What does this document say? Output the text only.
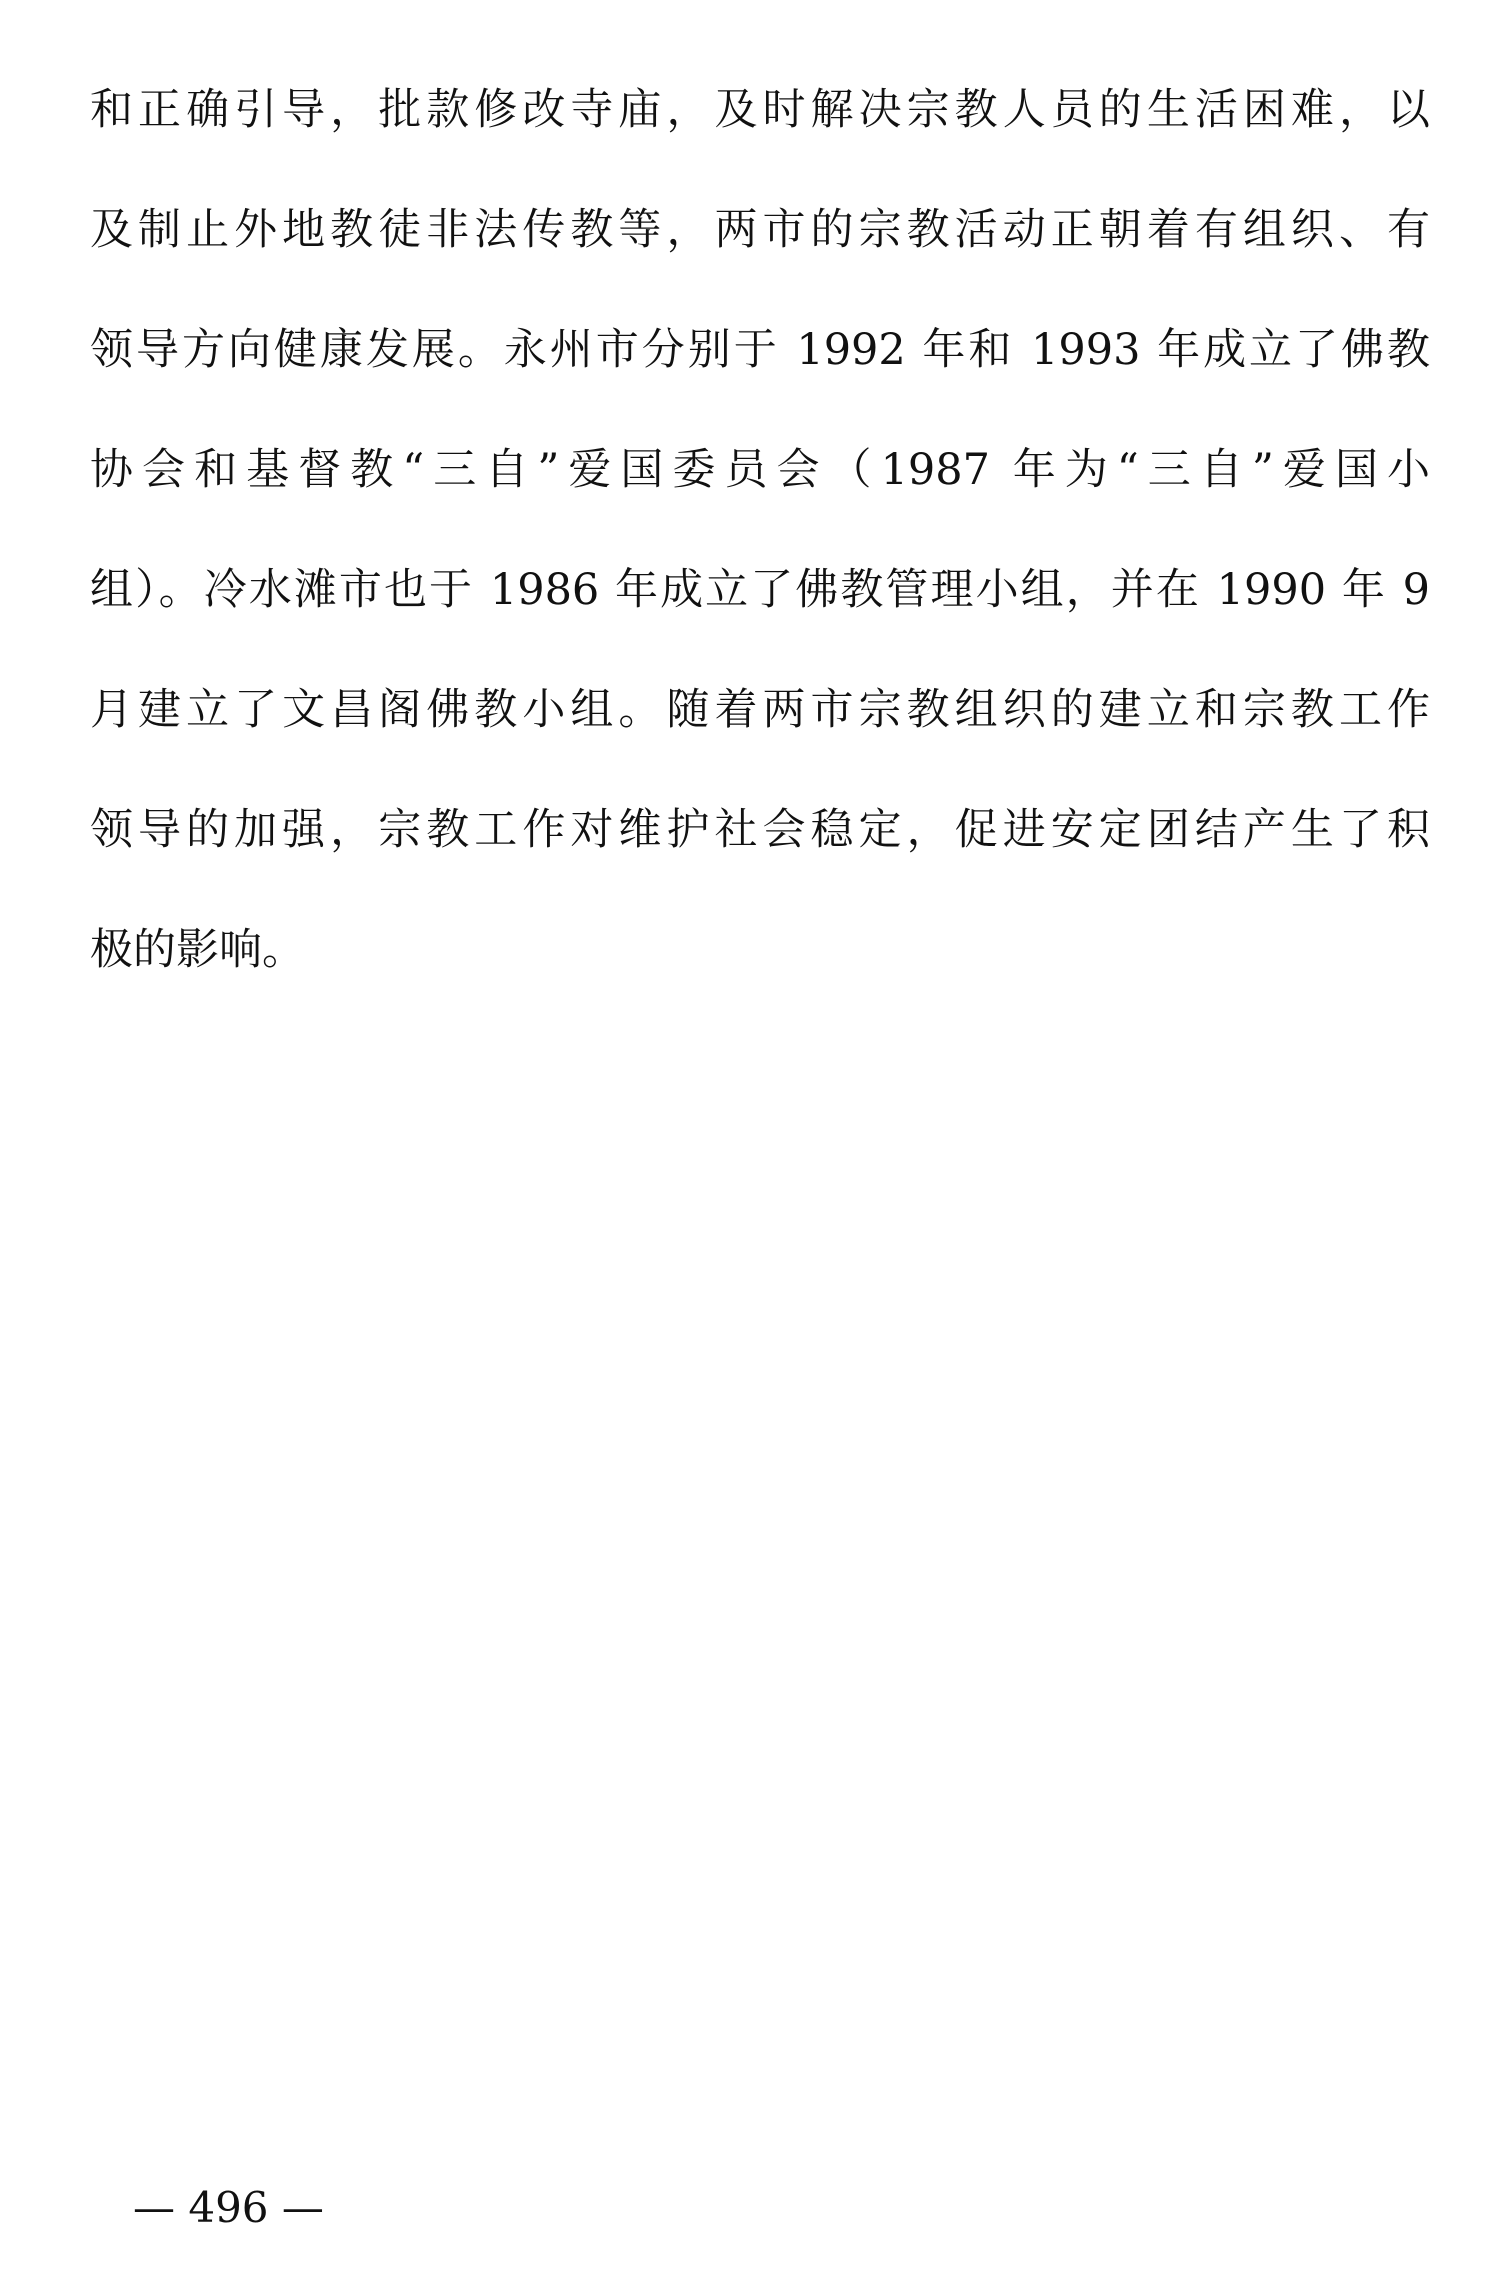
和正确引导，批款修改寺庙，及时解决宗教人员的生活困难，以
及制止外地教徒非法传教等，两市的宗教活动正朝着有组织、有
领导方向健康发展。永州市分别于 1992 年和 1993 年成立了佛教
协会和基督教“三自”爱国委员会（1987 年为“三自”爱国小
组）。冷水滩市也于 1986 年成立了佛教管理小组，并在 1990 年 9
月建立了文昌阁佛教小组。随着两市宗教组织的建立和宗教工作
领导的加强，宗教工作对维护社会稳定，促进安定团结产生了积
极的影响。
— 496 —
